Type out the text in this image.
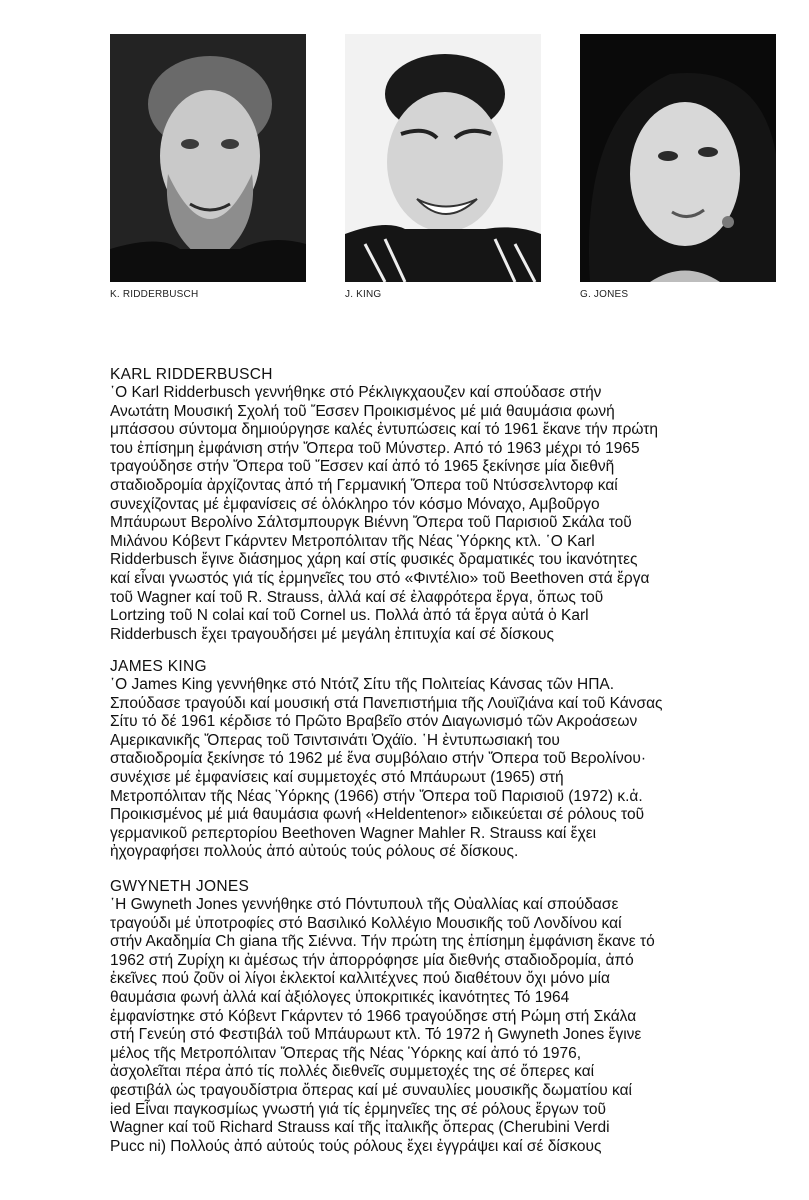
K. RIDDERBUSCH	J. KING	G. JONES
KARL RIDDERBUSCH

῾Ο Karl Ridderbusch γεννήθηκε στό Ρέκλιγκχαουζεν καί σπούδασε στήν
Ανωτάτη Μουσική Σχολή τοῦ Ἔσσεν Προικισμένος μέ μιά θαυμάσια φωνή
μπάσσου σύντομα δημιούργησε καλές ἐντυπώσεις καί τό 1961 ἔκανε τήν πρώτη
του ἐπίσημη ἐμφάνιση στήν Ὄπερα τοῦ Μύνστερ. Από τό 1963 μέχρι τό 1965
τραγούδησε στήν Ὄπερα τοῦ Ἔσσεν καί ἀπό τό 1965 ξεκίνησε μία διεθνῆ
σταδιοδρομία ἀρχίζοντας ἀπό τή Γερμανική Ὄπερα τοῦ Ντύσσελντορφ καί
συνεχίζοντας μέ ἐμφανίσεις σέ ὁλόκληρο τόν κόσμο Μόναχο, Αμβοῦργο
Μπάυρωυτ Βερολίνο Σάλτσμπουργκ Βιέννη Ὄπερα τοῦ Παρισιοῦ Σκάλα τοῦ
Μιλάνου Κόβεντ Γκάρντεν Μετροπόλιταν τῆς Νέας Ὑόρκης κτλ. ῾Ο Karl
Ridderbusch ἔγινε διάσημος χάρη καί στίς φυσικές δραματικές του ἱκανότητες
καί εἶναι γνωστός γιά τίς ἑρμηνεῖες του στό «Φιντέλιο» τοῦ Beethoven στά ἔργα
τοῦ Wagner καί τοῦ R. Strauss, ἀλλά καί σέ ἐλαφρότερα ἔργα, ὅπως τοῦ
Lortzing τοῦ N colaἰ καί τοῦ Cornel us. Πολλά ἀπό τά ἔργα αὐτά ὁ Karl
Ridderbusch ἔχει τραγουδήσει μέ μεγάλη ἐπιτυχία καί σέ δίσκους

JAMES KING

῾Ο James King γεννήθηκε στό Ντότζ Σίτυ τῆς Πολιτείας Κάνσας τῶν ΗΠΑ.
Σπούδασε τραγούδι καί μουσική στά Πανεπιστήμια τῆς Λουϊζιάνα καί τοῦ Κάνσας
Σίτυ τό δέ 1961 κέρδισε τό Πρῶτο Βραβεῖο στόν Διαγωνισμό τῶν Ακροάσεων
Αμερικανικῆς Ὄπερας τοῦ Τσιντσινάτι Ὀχάϊο. ῾Η ἐντυπωσιακή του
σταδιοδρομία ξεκίνησε τό 1962 μέ ἕνα συμβόλαιο στήν Ὄπερα τοῦ Βερολίνου·
συνέχισε μέ ἐμφανίσεις καί συμμετοχές στό Μπάυρωυτ (1965) στή
Μετροπόλιταν τῆς Νέας Ὑόρκης (1966) στήν Ὄπερα τοῦ Παρισιοῦ (1972) κ.ἀ.
Προικισμένος μέ μιά θαυμάσια φωνή «Heldentenor» ειδικεύεται σέ ρόλους τοῦ
γερμανικοῦ ρεπερτορίου Beethoven Wagner Mahler R. Strauss καί ἔχει
ἠχογραφήσει πολλούς ἀπό αὐτούς τούς ρόλους σέ δίσκους.

GWYNETH JONES

῾Η Gwyneth Jones γεννήθηκε στό Πόντυπουλ τῆς Οὐαλλίας καί σπούδασε
τραγούδι μέ ὑποτροφίες στό Βασιλικό Κολλέγιο Μουσικῆς τοῦ Λονδίνου καί
στήν Ακαδημία Ch giana τῆς Σιέννα. Τήν πρώτη της ἐπίσημη ἐμφάνιση ἔκανε τό
1962 στή Ζυρίχη κι ἀμέσως τήν ἀπορρόφησε μία διεθνής σταδιοδρομία, ἀπό
ἐκεῖνες πού ζοῦν οἱ λίγοι ἐκλεκτοί καλλιτέχνες πού διαθέτουν ὄχι μόνο μία
θαυμάσια φωνή ἀλλά καί ἀξιόλογες ὑποκριτικές ἱκανότητες Τό 1964
ἐμφανίστηκε στό Κόβεντ Γκάρντεν τό 1966 τραγούδησε στή Ρώμη στή Σκάλα
στή Γενεύη στό Φεστιβάλ τοῦ Μπάυρωυτ κτλ. Τό 1972 ἡ Gwyneth Jones ἔγινε
μέλος τῆς Μετροπόλιταν Ὄπερας τῆς Νέας Ὑόρκης καί ἀπό τό 1976,
ἀσχολεῖται πέρα ἀπό τίς πολλές διεθνεῖς συμμετοχές της σέ ὄπερες καί
φεστιβάλ ὡς τραγουδίστρια ὄπερας καί μέ συναυλίες μουσικῆς δωματίου καί
ied Εἶναι παγκοσμίως γνωστή γιά τίς ἑρμηνεῖες της σέ ρόλους ἔργων τοῦ
Wagner καί τοῦ Richard Strauss καί τῆς ἰταλικῆς ὄπερας (Cherubini Verdi
Pucc ni) Πολλούς ἀπό αὐτούς τούς ρόλους ἔχει ἐγγράψει καί σέ δίσκους
